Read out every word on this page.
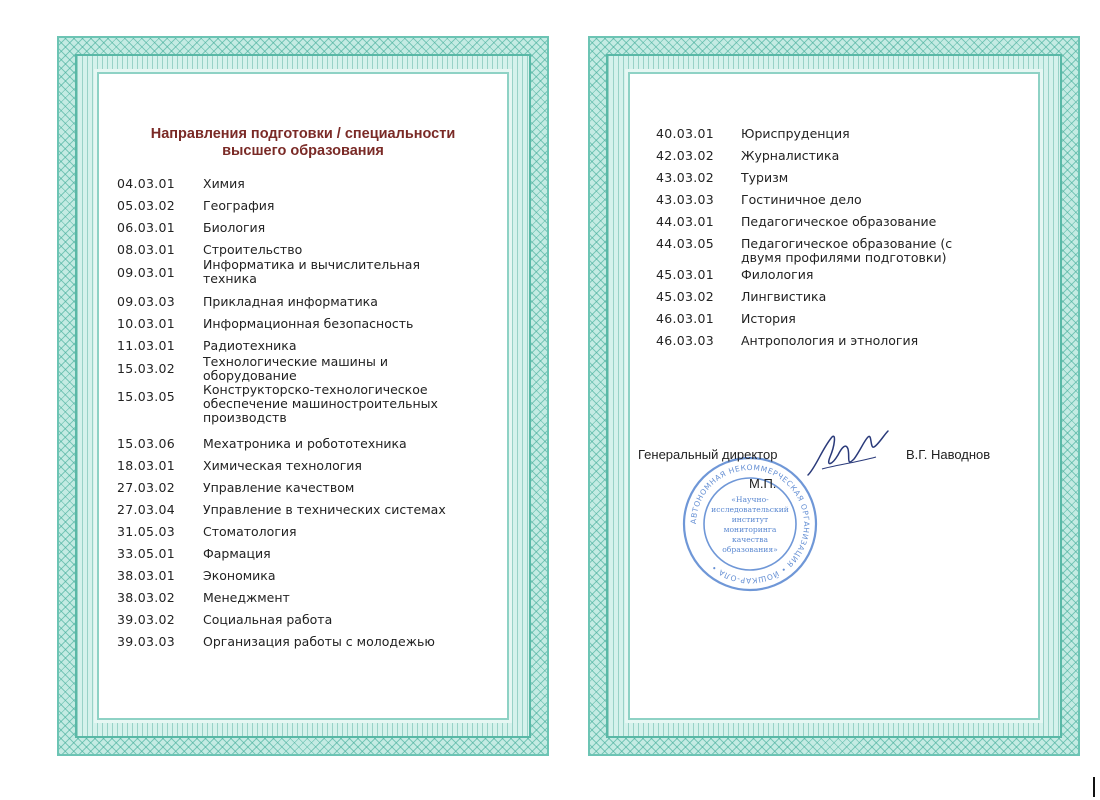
Направления подготовки / специальности
высшего образования
04.03.01 Химия
05.03.02 География
06.03.01 Биология
08.03.01 Строительство
09.03.01
Информатика и вычислительная техника
09.03.03 Прикладная информатика
10.03.01 Информационная безопасность
11.03.01 Радиотехника
15.03.02 Технологические машины и оборудование
15.03.05 Конструкторско-технологическое обеспечение машиностроительных производств
15.03.06 Мехатроника и робототехника
18.03.01 Химическая технология
27.03.02 Управление качеством
27.03.04 Управление в технических системах
31.05.03 Стоматология
33.05.01 Фармация
38.03.01 Экономика
38.03.02 Менеджмент
39.03.02 Социальная работа
39.03.03 Организация работы с молодежью
40.03.01 Юриспруденция
42.03.02 Журналистика
43.03.02 Туризм
43.03.03 Гостиничное дело
44.03.01 Педагогическое образование
44.03.05 Педагогическое образование (с двумя профилями подготовки)
45.03.01 Филология
45.03.02 Лингвистика
46.03.01 История
46.03.03 Антропология и этнология
АВТОНОМНАЯ НЕКОММЕРЧЕСКАЯ ОРГАНИЗАЦИЯ • ЙОШКАР-ОЛА •
«Научно-
исследовательский
институт
мониторинга
качества
образования»
Генеральный директор	В.Г. Наводнов
М.П.
